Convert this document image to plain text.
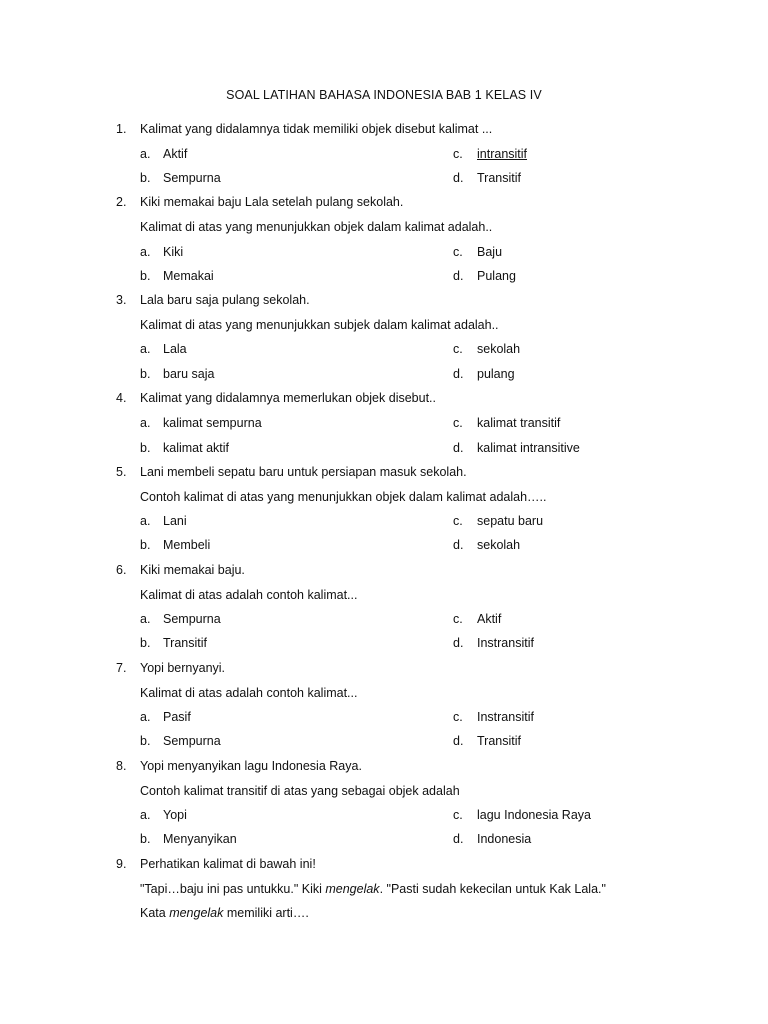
SOAL LATIHAN BAHASA INDONESIA BAB 1 KELAS IV
1. Kalimat yang didalamnya tidak memiliki objek disebut kalimat ...
a. Aktif	c. intransitif
b. Sempurna	d. Transitif
2. Kiki memakai baju Lala setelah pulang sekolah.
Kalimat di atas yang menunjukkan objek dalam kalimat adalah..
a. Kiki	c. Baju
b. Memakai	d. Pulang
3. Lala baru saja pulang sekolah.
Kalimat di atas yang menunjukkan subjek dalam kalimat adalah..
a. Lala	c. sekolah
b. baru saja	d. pulang
4. Kalimat yang didalamnya memerlukan objek disebut..
a. kalimat sempurna	c. kalimat transitif
b. kalimat aktif	d. kalimat intransitive
5. Lani membeli sepatu baru untuk persiapan masuk sekolah.
Contoh kalimat di atas yang menunjukkan objek dalam kalimat adalah…..
a. Lani	c. sepatu baru
b. Membeli	d. sekolah
6. Kiki memakai baju.
Kalimat di atas adalah contoh kalimat...
a. Sempurna	c. Aktif
b. Transitif	d. Instransitif
7. Yopi bernyanyi.
Kalimat di atas adalah contoh kalimat...
a. Pasif	c. Instransitif
b. Sempurna	d. Transitif
8. Yopi menyanyikan lagu Indonesia Raya.
Contoh kalimat transitif di atas yang sebagai objek adalah
a. Yopi	c. lagu Indonesia Raya
b. Menyanyikan	d. Indonesia
9. Perhatikan kalimat di bawah ini!
"Tapi…baju ini pas untukku." Kiki mengelak. "Pasti sudah kekecilan untuk Kak Lala."
Kata mengelak memiliki arti….
